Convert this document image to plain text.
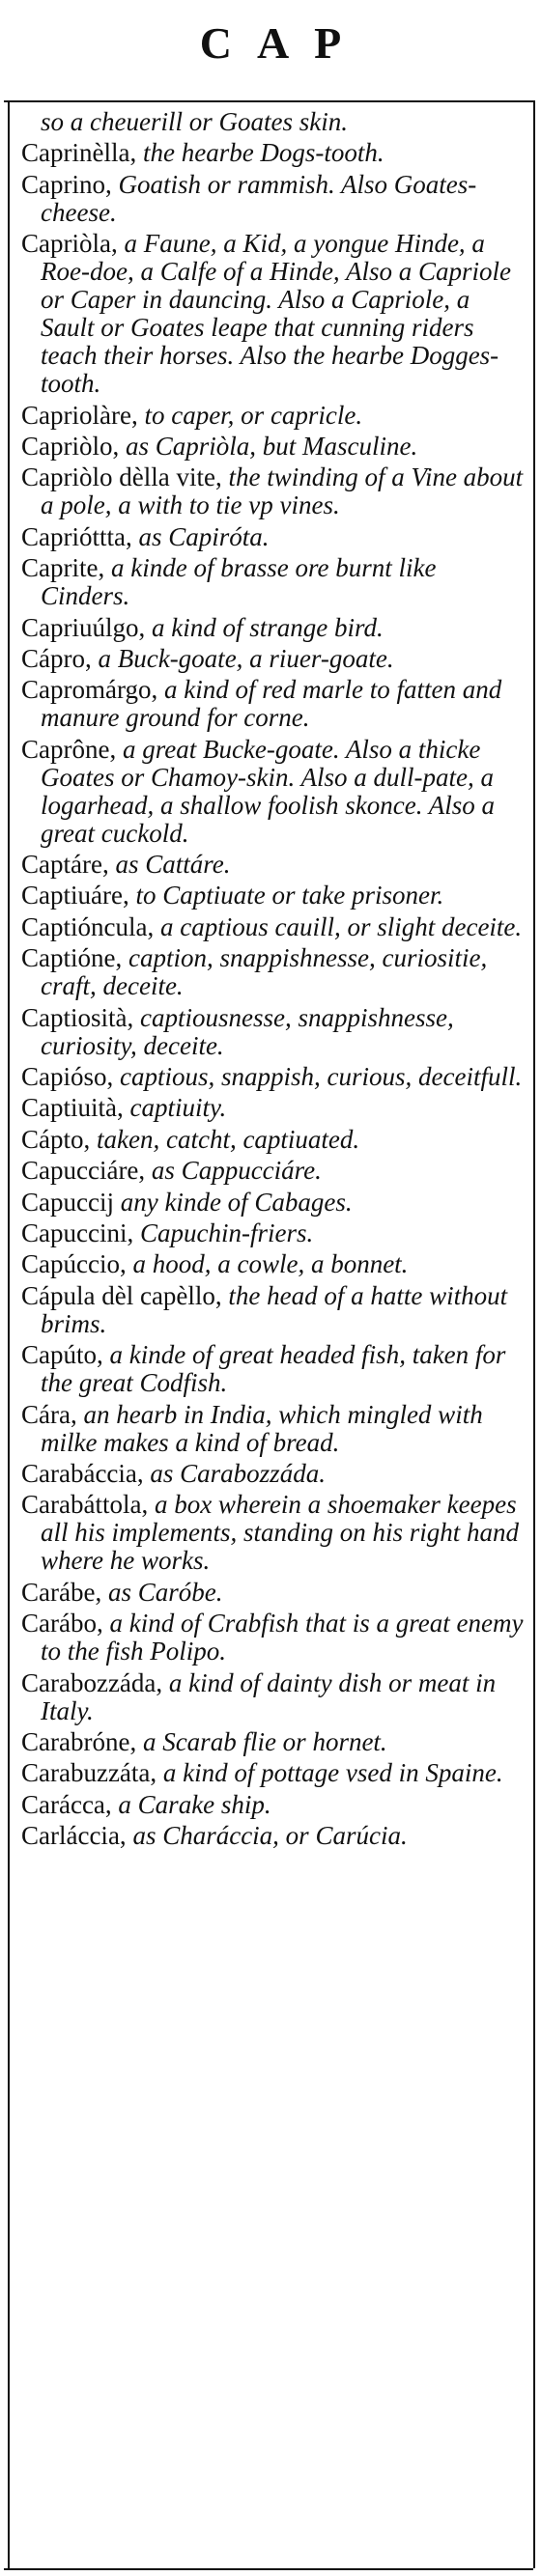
CAP
so a cheuerill or Goates skin.
Caprinèlla, the hearbe Dogs-tooth.
Caprino, Goatish or rammish. Also Goates-cheese.
Capriòla, a Faune, a Kid, a yongue Hinde, a Roe-doe, a Calfe of a Hinde, Also a Capriole or Caper in dauncing. Also a Capriole, a Sault or Goates leape that cunning riders teach their horses. Also the hearbe Dogges-tooth.
Capriolàre, to caper, or capricle.
Capriòlo, as Capriòla, but Masculine.
Capriòlo dèlla vite, the twinding of a Vine about a pole, a with to tie vp vines.
Caprióttta, as Capiróta.
Caprite, a kinde of brasse ore burnt like Cinders.
Capriuúlgo, a kind of strange bird.
Cápro, a Buck-goate, a riuer-goate.
Capromárgo, a kind of red marle to fatten and manure ground for corne.
Caprône, a great Bucke-goate. Also a thicke Goates or Chamoy-skin. Also a dull-pate, a logarhead, a shallow foolish skonce. Also a great cuckold.
Captáre, as Cattáre.
Captiuáre, to Captiuate or take prisoner.
Captióncula, a captious cauill, or slight deceite.
Captióne, caption, snappishnesse, curiositie, craft, deceite.
Captiosità, captiousnesse, snappishnesse, curiosity, deceite.
Capióso, captious, snappish, curious, deceitfull.
Captiuità, captiuity.
Cápto, taken, catcht, captiuated.
Capucciáre, as Cappucciáre.
Capuccij any kinde of Cabages.
Capuccini, Capuchin-friers.
Capúccio, a hood, a cowle, a bonnet.
Cápula dèl capèllo, the head of a hatte without brims.
Capúto, a kinde of great headed fish, taken for the great Codfish.
Cára, an hearb in India, which mingled with milke makes a kind of bread.
Carabáccia, as Carabozzáda.
Carabáttola, a box wherein a shoemaker keepes all his implements, standing on his right hand where he works.
Carábe, as Caróbe.
Carábo, a kind of Crabfish that is a great enemy to the fish Polipo.
Carabozzáda, a kind of dainty dish or meat in Italy.
Carabróne, a Scarab flie or hornet.
Carabuzzáta, a kind of pottage vsed in Spaine.
Carácca, a Carake ship.
Carláccia, as Charáccia, or Carúcia.
